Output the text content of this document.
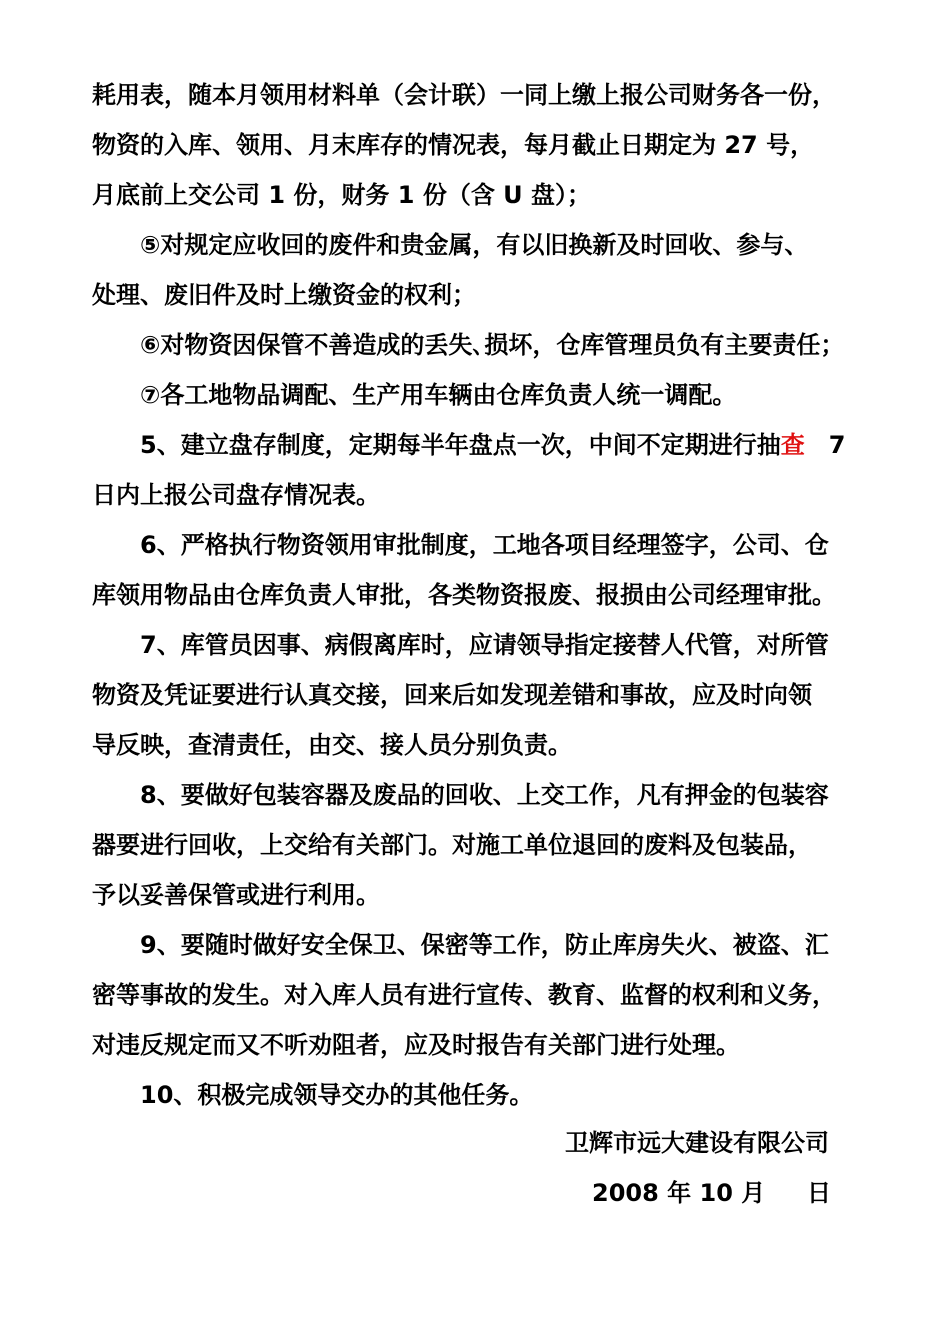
耗用表，随本月领用材料单（会计联）一同上缴上报公司财务各一份，
物资的入库、领用、月末库存的情况表，每月截止日期定为 27 号，
月底前上交公司 1 份，财务 1 份（含 U 盘）；
⑤对规定应收回的废件和贵金属，有以旧换新及时回收、参与、
处理、废旧件及时上缴资金的权利；
⑥对物资因保管不善造成的丢失､损坏，仓库管理员负有主要责任；
⑦各工地物品调配、生产用车辆由仓库负责人统一调配。
5、建立盘存制度，定期每半年盘点一次，中间不定期进行抽查 7
日内上报公司盘存情况表。
6、严格执行物资领用审批制度，工地各项目经理签字，公司、仓
库领用物品由仓库负责人审批，各类物资报废、报损由公司经理审批。
7、库管员因事、病假离库时，应请领导指定接替人代管，对所管
物资及凭证要进行认真交接，回来后如发现差错和事故，应及时向领
导反映，查清责任，由交、接人员分别负责。
8、要做好包装容器及废品的回收、上交工作，凡有押金的包装容
器要进行回收，上交给有关部门。对施工单位退回的废料及包装品，
予以妥善保管或进行利用。
9、要随时做好安全保卫、保密等工作，防止库房失火、被盗、汇
密等事故的发生。对入库人员有进行宣传、教育、监督的权利和义务，
对违反规定而又不听劝阻者，应及时报告有关部门进行处理。
10、积极完成领导交办的其他任务。
卫辉市远大建设有限公司
2008 年 10 月     日
